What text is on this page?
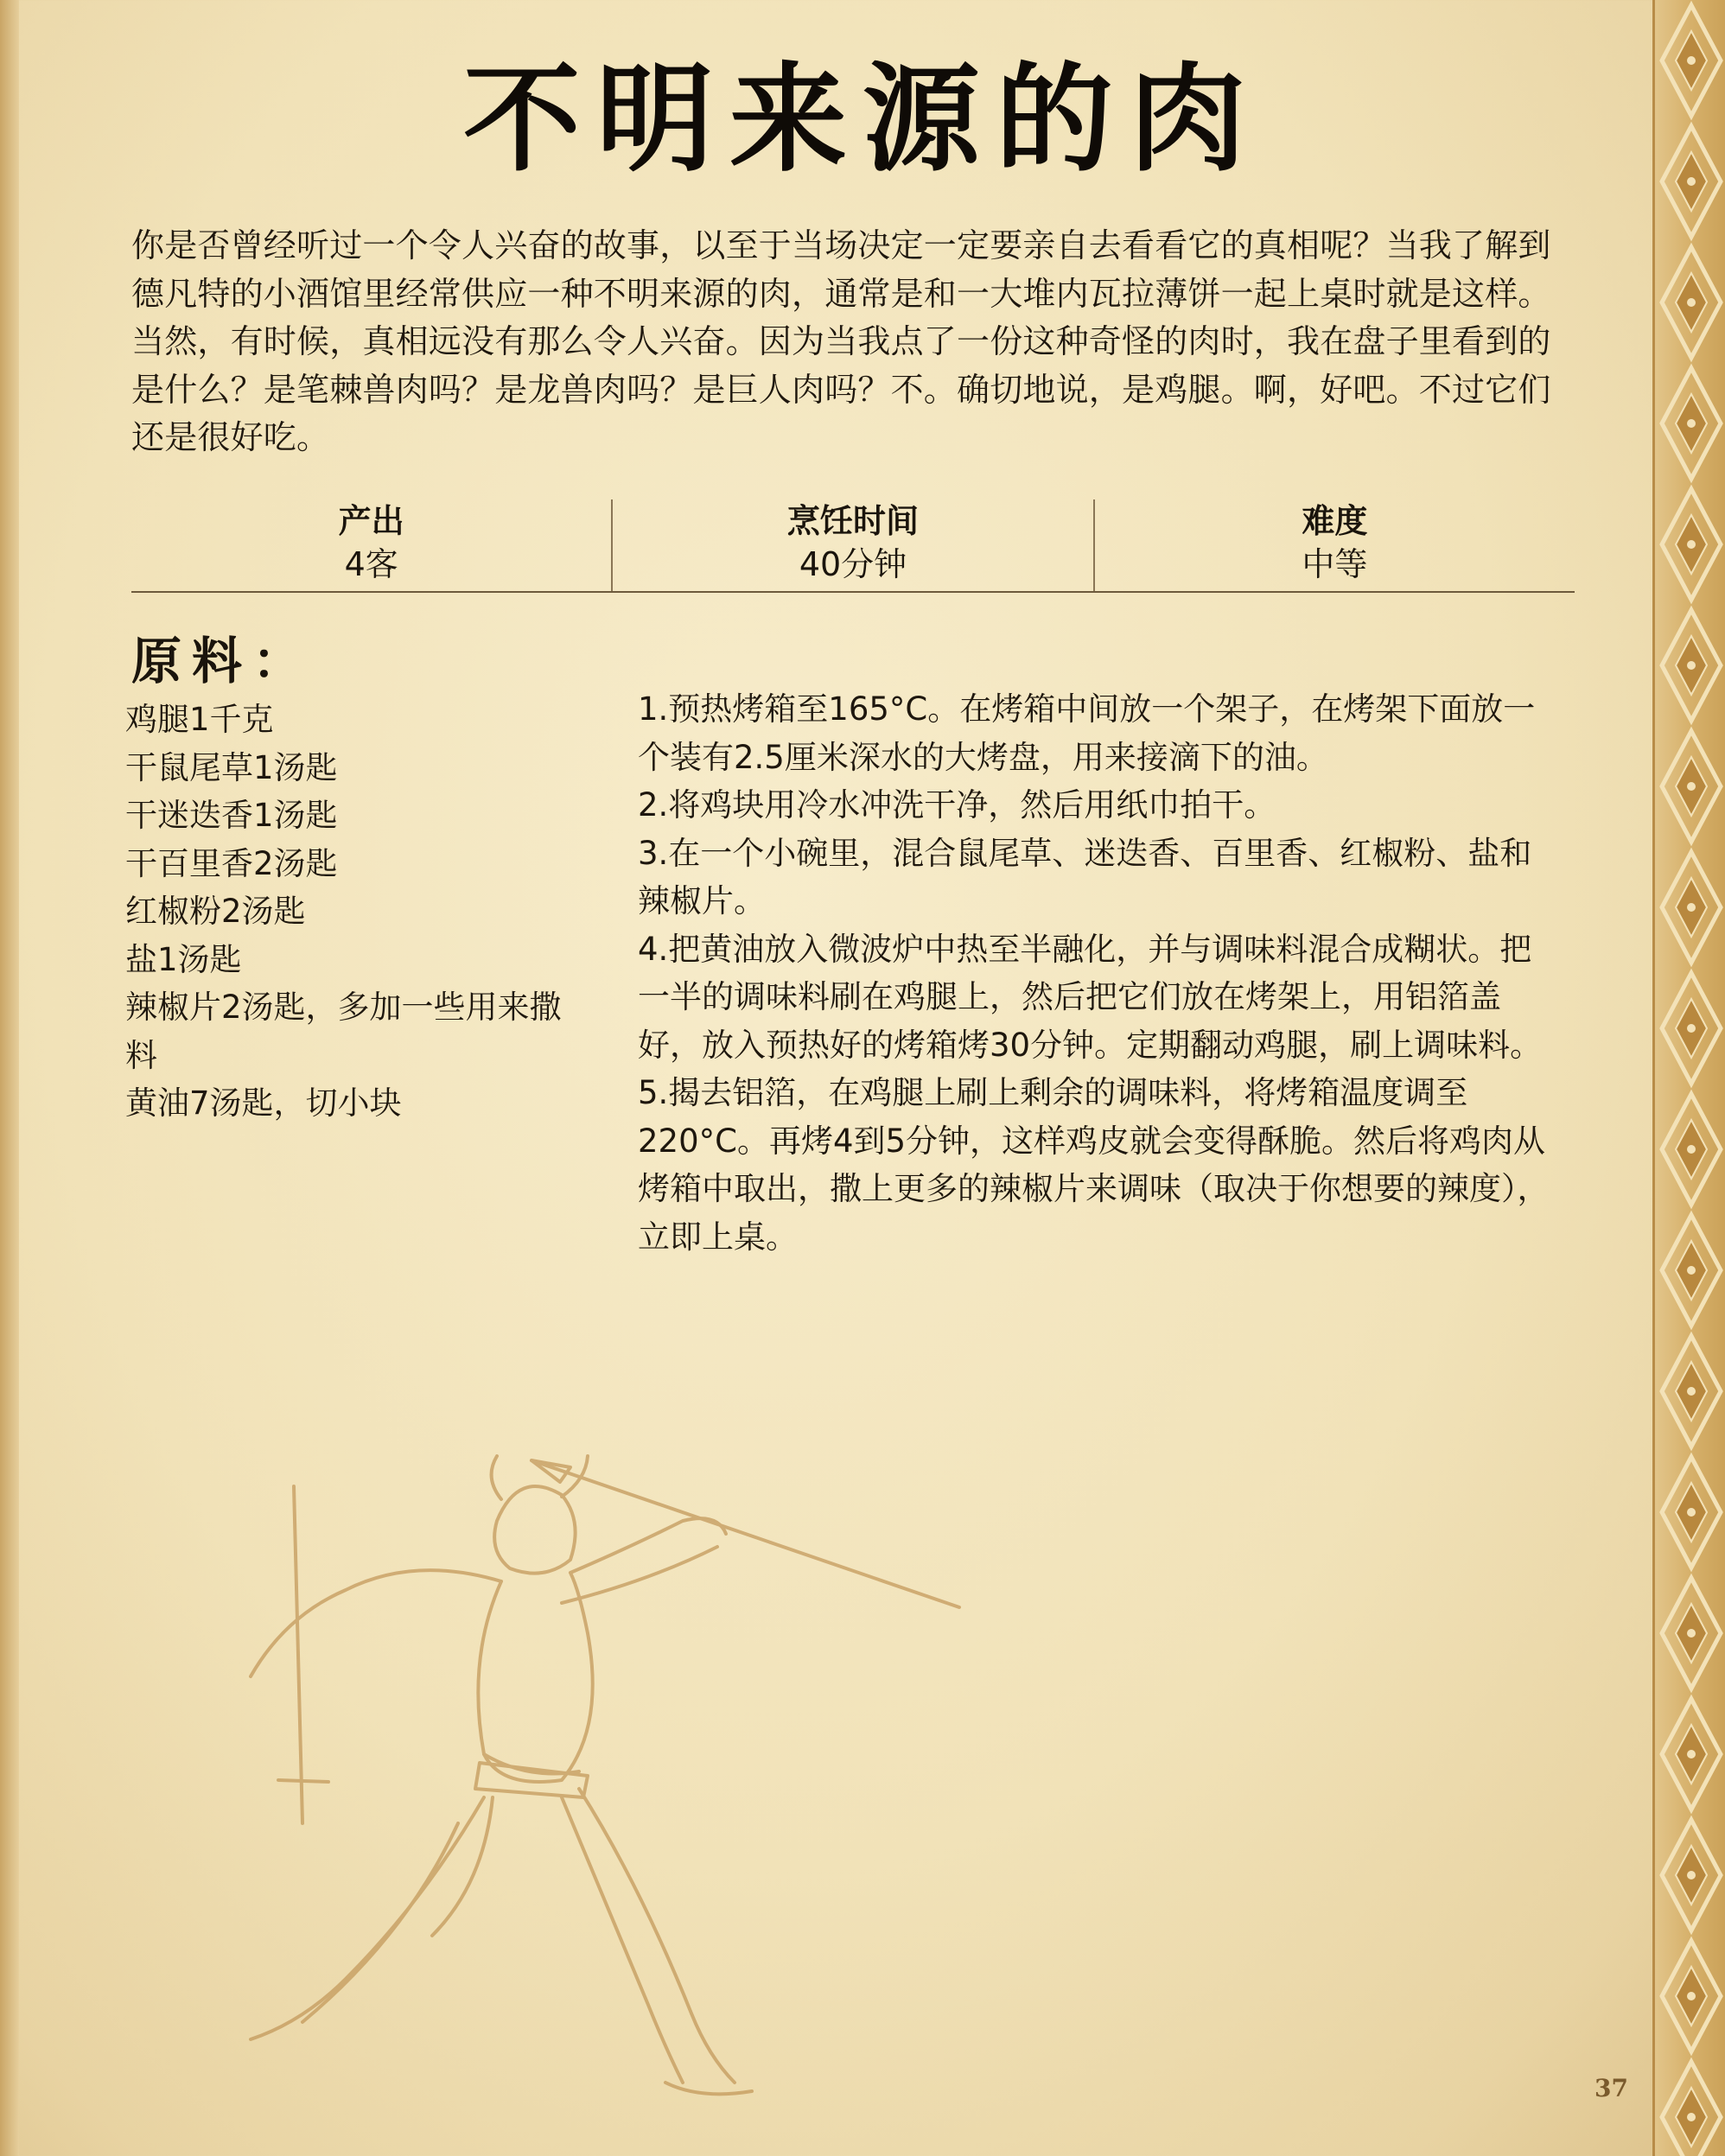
不明来源的肉

你是否曾经听过一个令人兴奋的故事，以至于当场决定一定要亲自去看看它的真相呢？当我了解到德凡特的小酒馆里经常供应一种不明来源的肉，通常是和一大堆内瓦拉薄饼一起上桌时就是这样。当然，有时候，真相远没有那么令人兴奋。因为当我点了一份这种奇怪的肉时，我在盘子里看到的是什么？是笔棘兽肉吗？是龙兽肉吗？是巨人肉吗？不。确切地说，是鸡腿。啊，好吧。不过它们还是很好吃。

产出
4客
烹饪时间
40分钟
难度
中等
原料：
鸡腿1千克
干鼠尾草1汤匙
干迷迭香1汤匙
干百里香2汤匙
红椒粉2汤匙
盐1汤匙
辣椒片2汤匙，多加一些用来撒料
黄油7汤匙，切小块
1.预热烤箱至165°C。在烤箱中间放一个架子，在烤架下面放一个装有2.5厘米深水的大烤盘，用来接滴下的油。
2.将鸡块用冷水冲洗干净，然后用纸巾拍干。
3.在一个小碗里，混合鼠尾草、迷迭香、百里香、红椒粉、盐和辣椒片。
4.把黄油放入微波炉中热至半融化，并与调味料混合成糊状。把一半的调味料刷在鸡腿上，然后把它们放在烤架上，用铝箔盖好，放入预热好的烤箱烤30分钟。定期翻动鸡腿，刷上调味料。
5.揭去铝箔，在鸡腿上刷上剩余的调味料，将烤箱温度调至220°C。再烤4到5分钟，这样鸡皮就会变得酥脆。然后将鸡肉从烤箱中取出，撒上更多的辣椒片来调味（取决于你想要的辣度），立即上桌。
37
